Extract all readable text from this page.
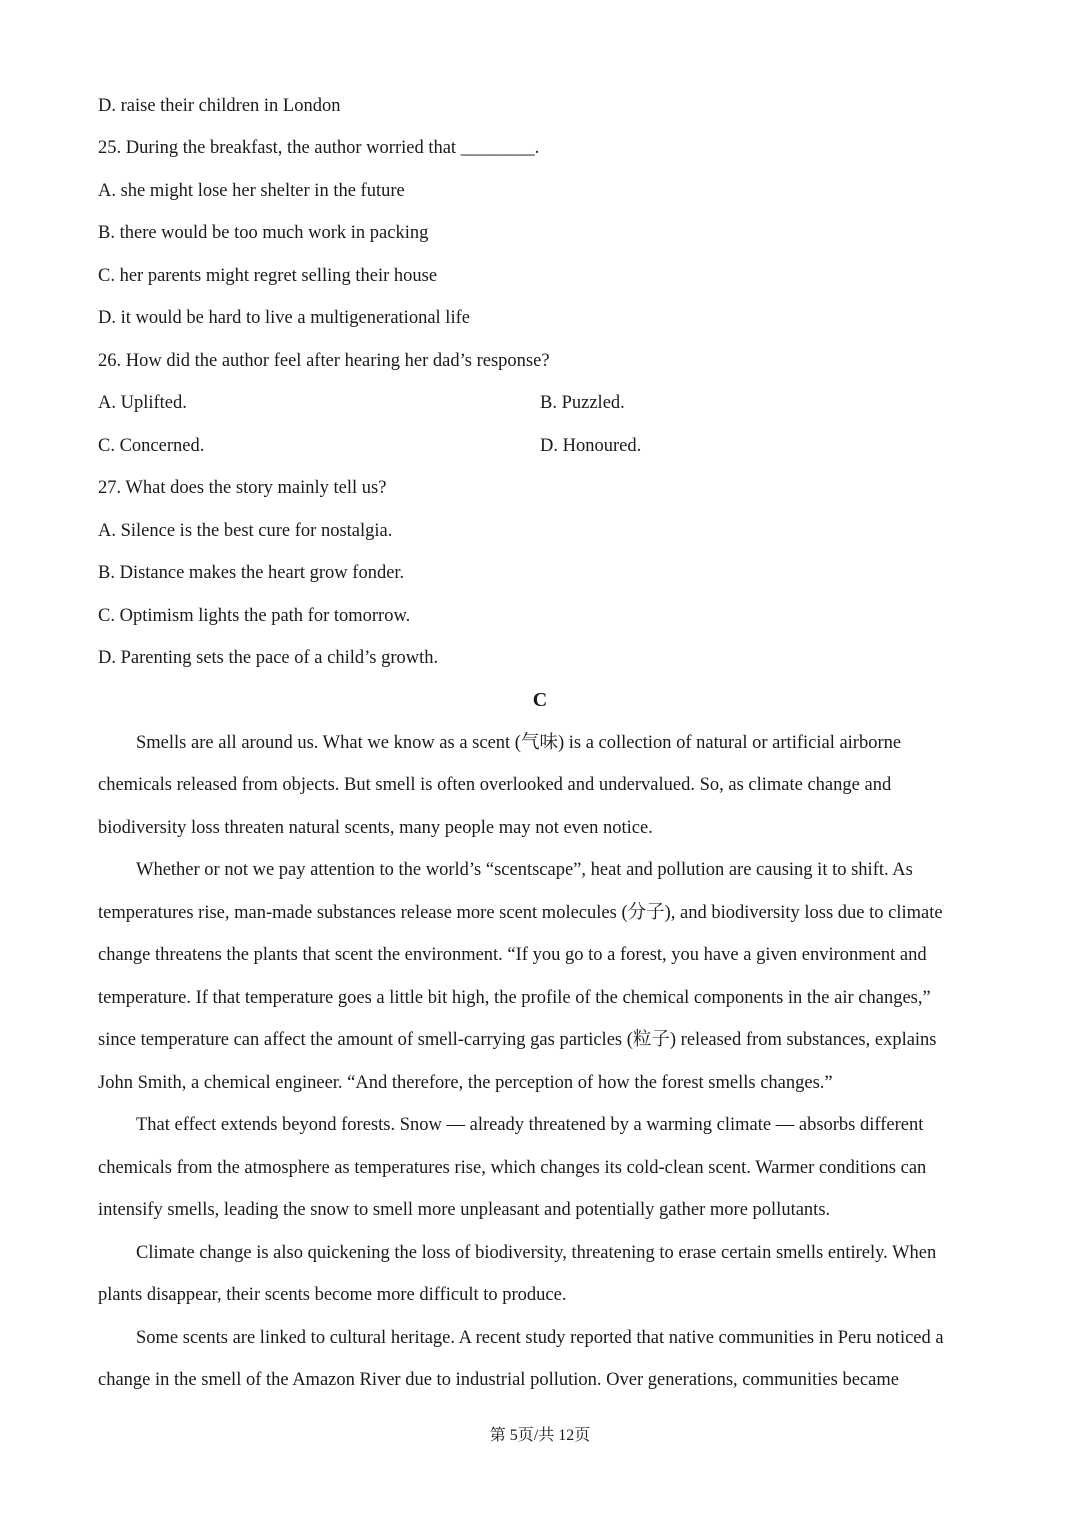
D. raise their children in London
25. During the breakfast, the author worried that ________.
A. she might lose her shelter in the future
B. there would be too much work in packing
C. her parents might regret selling their house
D. it would be hard to live a multigenerational life
26. How did the author feel after hearing her dad’s response?
A. Uplifted.	B. Puzzled.
C. Concerned.	D. Honoured.
27. What does the story mainly tell us?
A. Silence is the best cure for nostalgia.
B. Distance makes the heart grow fonder.
C. Optimism lights the path for tomorrow.
D. Parenting sets the pace of a child’s growth.
C
Smells are all around us. What we know as a scent (气味) is a collection of natural or artificial airborne
chemicals released from objects. But smell is often overlooked and undervalued. So, as climate change and
biodiversity loss threaten natural scents, many people may not even notice.
Whether or not we pay attention to the world’s “scentscape”, heat and pollution are causing it to shift. As
temperatures rise, man-made substances release more scent molecules (分子), and biodiversity loss due to climate
change threatens the plants that scent the environment. “If you go to a forest, you have a given environment and
temperature. If that temperature goes a little bit high, the profile of the chemical components in the air changes,”
since temperature can affect the amount of smell-carrying gas particles (粒子) released from substances, explains
John Smith, a chemical engineer. “And therefore, the perception of how the forest smells changes.”
That effect extends beyond forests. Snow — already threatened by a warming climate — absorbs different
chemicals from the atmosphere as temperatures rise, which changes its cold-clean scent. Warmer conditions can
intensify smells, leading the snow to smell more unpleasant and potentially gather more pollutants.
Climate change is also quickening the loss of biodiversity, threatening to erase certain smells entirely. When
plants disappear, their scents become more difficult to produce.
Some scents are linked to cultural heritage. A recent study reported that native communities in Peru noticed a
change in the smell of the Amazon River due to industrial pollution. Over generations, communities became
第 5页/共 12页
